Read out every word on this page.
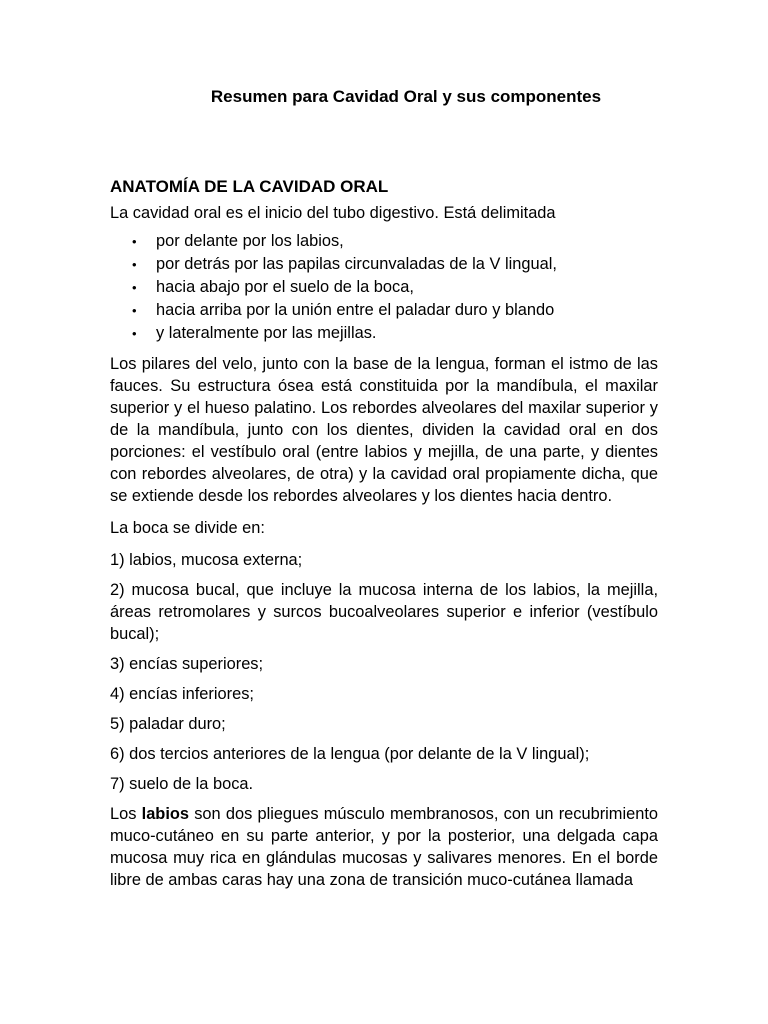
Resumen para Cavidad Oral y sus componentes
ANATOMÍA DE LA CAVIDAD ORAL

La cavidad oral es el inicio del tubo digestivo. Está delimitada

• por delante por los labios,
• por detrás por las papilas circunvaladas de la V lingual,
• hacia abajo por el suelo de la boca,
• hacia arriba por la unión entre el paladar duro y blando
• y lateralmente por las mejillas.

Los pilares del velo, junto con la base de la lengua, forman el istmo de las fauces. Su estructura ósea está constituida por la mandíbula, el maxilar superior y el hueso palatino. Los rebordes alveolares del maxilar superior y de la mandíbula, junto con los dientes, dividen la cavidad oral en dos porciones: el vestíbulo oral (entre labios y mejilla, de una parte, y dientes con rebordes alveolares, de otra) y la cavidad oral propiamente dicha, que se extiende desde los rebordes alveolares y los dientes hacia dentro.

La boca se divide en:

1) labios, mucosa externa;

2) mucosa bucal, que incluye la mucosa interna de los labios, la mejilla, áreas retromolares y surcos bucoalveolares superior e inferior (vestíbulo bucal);

3) encías superiores;

4) encías inferiores;

5) paladar duro;

6) dos tercios anteriores de la lengua (por delante de la V lingual);

7) suelo de la boca.

Los labios son dos pliegues músculo membranosos, con un recubrimiento muco-cutáneo en su parte anterior, y por la posterior, una delgada capa mucosa muy rica en glándulas mucosas y salivares menores. En el borde libre de ambas caras hay una zona de transición muco-cutánea llamada
